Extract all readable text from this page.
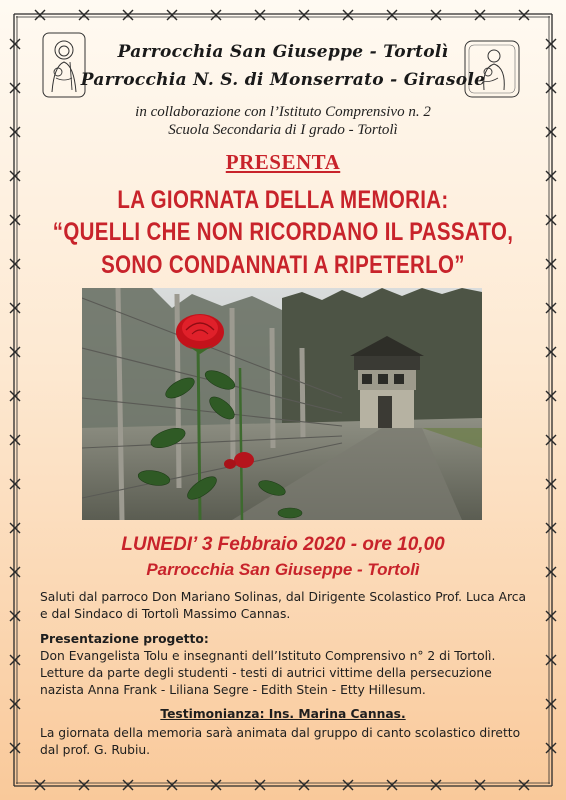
Parrocchia San Giuseppe - Tortolì
Parrocchia N. S. di Monserrato - Girasole
in collaborazione con l’Istituto Comprensivo n. 2
Scuola Secondaria di I grado - Tortolì
PRESENTA
LA GIORNATA DELLA MEMORIA:
“QUELLI CHE NON RICORDANO IL PASSATO,
SONO CONDANNATI A RIPETERLO”
LUNEDI’ 3 Febbraio 2020 - ore 10,00
Parrocchia San Giuseppe - Tortolì
Saluti dal parroco Don Mariano Solinas, dal Dirigente Scolastico Prof. Luca Arca e dal Sindaco di Tortolì Massimo Cannas.
Presentazione progetto:
Don Evangelista Tolu e insegnanti dell’Istituto Comprensivo n° 2 di Tortolì. Letture da parte degli studenti - testi di autrici vittime della persecuzione nazista Anna Frank - Liliana Segre - Edith Stein - Etty Hillesum.
Testimonianza: Ins. Marina Cannas.
La giornata della memoria sarà animata dal gruppo di canto scolastico diretto dal prof. G. Rubiu.
